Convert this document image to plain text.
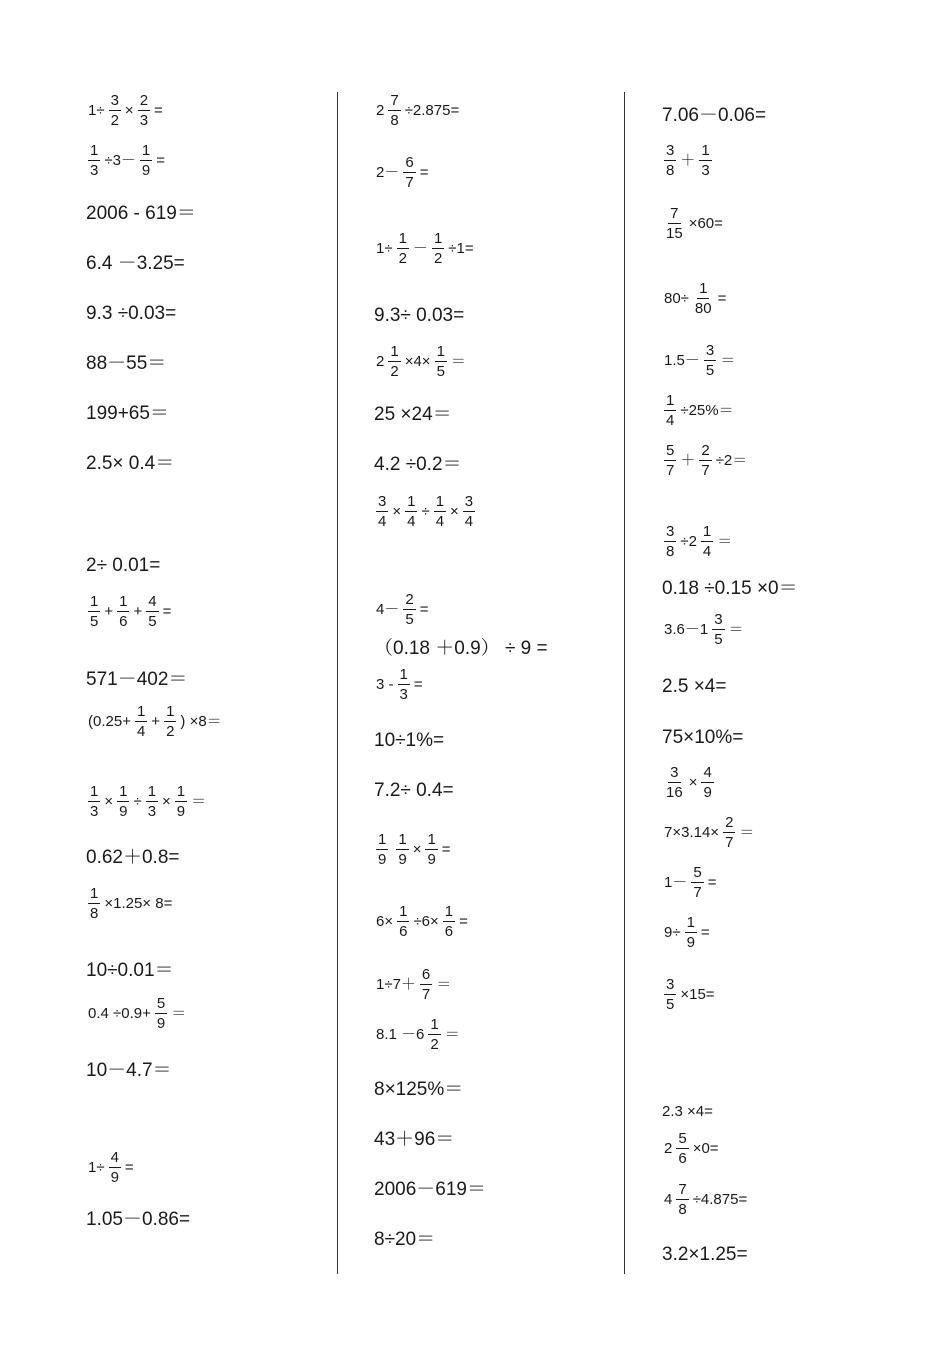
$1\div \frac{3}{2} \times \frac{2}{3}$ =
$\frac{1}{3} \div 3- \frac{1}{9}$ =
2006 - 619＝
6.4 －3.25=
9.3 ÷0.03=
88－55＝
199+65＝
2.5× 0.4＝
2÷ 0.01=
$\frac{1}{5} + \frac{1}{6} + \frac{4}{5}$ =
571－402＝
($0.25+ \frac{1}{4} + \frac{1}{2}$ ) ×8＝
$\frac{1}{3} \times \frac{1}{9} \div \frac{1}{3} \times \frac{1}{9}$ ＝
0.62＋0.8=
$\frac{1}{8} \times 1.25\times 8=$
10÷0.01＝
$0.4 \div 0.9+ \frac{5}{9}$ ＝
10－4.7＝
$1\div \frac{4}{9}$ =
1.05－0.86=
$2 \frac{7}{8} \div 2.875=$
$2- \frac{6}{7}$ =
$1\div \frac{1}{2} - \frac{1}{2} \div 1=$
9.3÷ 0.03=
$2 \frac{1}{2} \times 4\times \frac{1}{5}$ ＝
25 ×24＝
4.2 ÷0.2＝
$\frac{3}{4} \times \frac{1}{4} \div \frac{1}{4} \times \frac{3}{4}$
$4- \frac{2}{5}$ =
（0.18 ＋0.9） ÷ 9 =
$3 - \frac{1}{3}$ =
10÷1%=
7.2÷ 0.4=
$\frac{1}{9} \frac{1}{9} \times \frac{1}{9}$ =
$6\times \frac{1}{6} \div 6\times \frac{1}{6}$ =
$1\div 7+ \frac{6}{7}$ ＝
$8.1 -6 \frac{1}{2}$ ＝
8×125%＝
43＋96＝
2006－619＝
8÷20＝
7.06－0.06=
$\frac{3}{8} + \frac{1}{3}$
$\frac{7}{15} \times 60=$
$80\div \frac{1}{80}$ =
$1.5- \frac{3}{5}$ ＝
$\frac{1}{4} \div 25\%=$
$\frac{5}{7} + \frac{2}{7} \div 2=$
$\frac{3}{8} \div 2 \frac{1}{4}$ ＝
0.18 ÷0.15 ×0＝
$3.6-1 \frac{3}{5}$ ＝
2.5 ×4=
75×10%=
$\frac{3}{16} \times \frac{4}{9}$
$7\times 3.14\times \frac{2}{7}$ ＝
$1- \frac{5}{7}$ =
$9\div \frac{1}{9}$ =
$\frac{3}{5} \times 15=$
2.3 ×4=
$2 \frac{5}{6} \times 0=$
$4 \frac{7}{8} \div 4.875=$
3.2×1.25=
